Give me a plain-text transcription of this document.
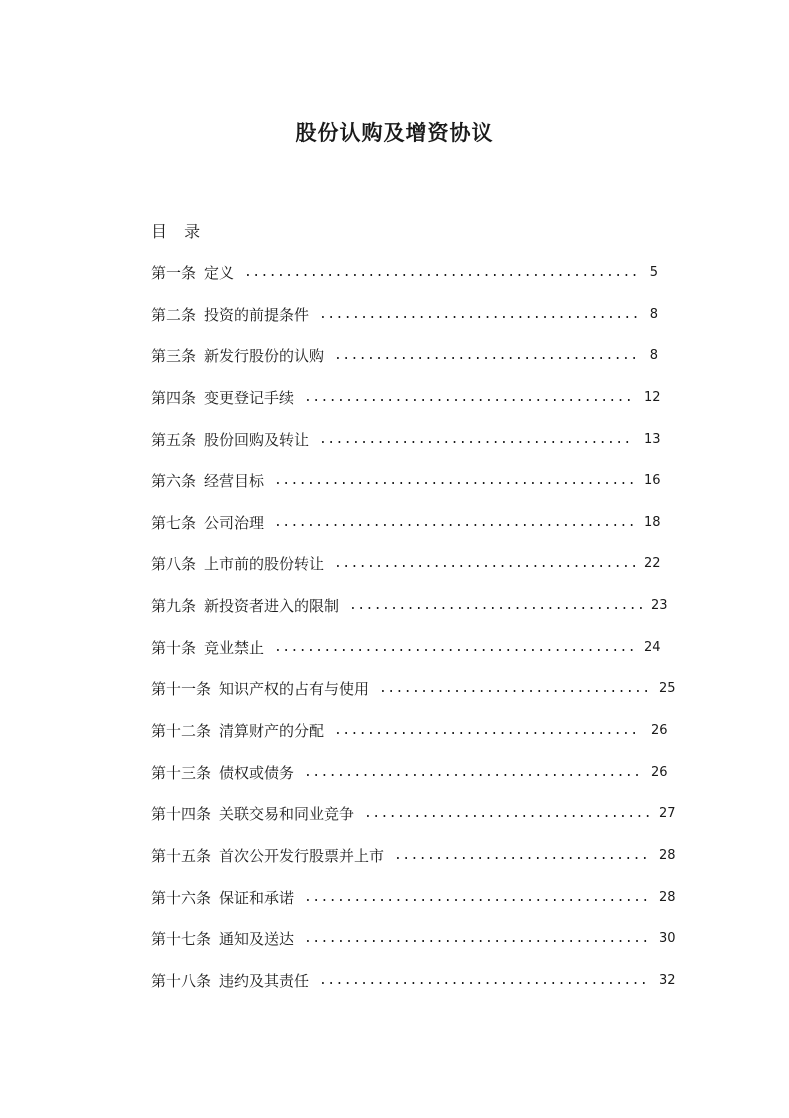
股份认购及增资协议
目 录
第一条 定义 ................................................ 5
第二条 投资的前提条件 ....................................... 8
第三条 新发行股份的认购 ..................................... 8
第四条 变更登记手续 ........................................ 12
第五条 股份回购及转让 ...................................... 13
第六条 经营目标 ............................................ 16
第七条 公司治理 ............................................ 18
第八条 上市前的股份转让 ..................................... 22
第九条 新投资者进入的限制 .................................... 23
第十条 竞业禁止 ............................................ 24
第十一条 知识产权的占有与使用 ................................. 25
第十二条 清算财产的分配 ..................................... 26
第十三条 债权或债务 ......................................... 26
第十四条 关联交易和同业竞争 ................................... 27
第十五条 首次公开发行股票并上市 ............................... 28
第十六条 保证和承诺 .......................................... 28
第十七条 通知及送达 .......................................... 30
第十八条 违约及其责任 ........................................ 32
